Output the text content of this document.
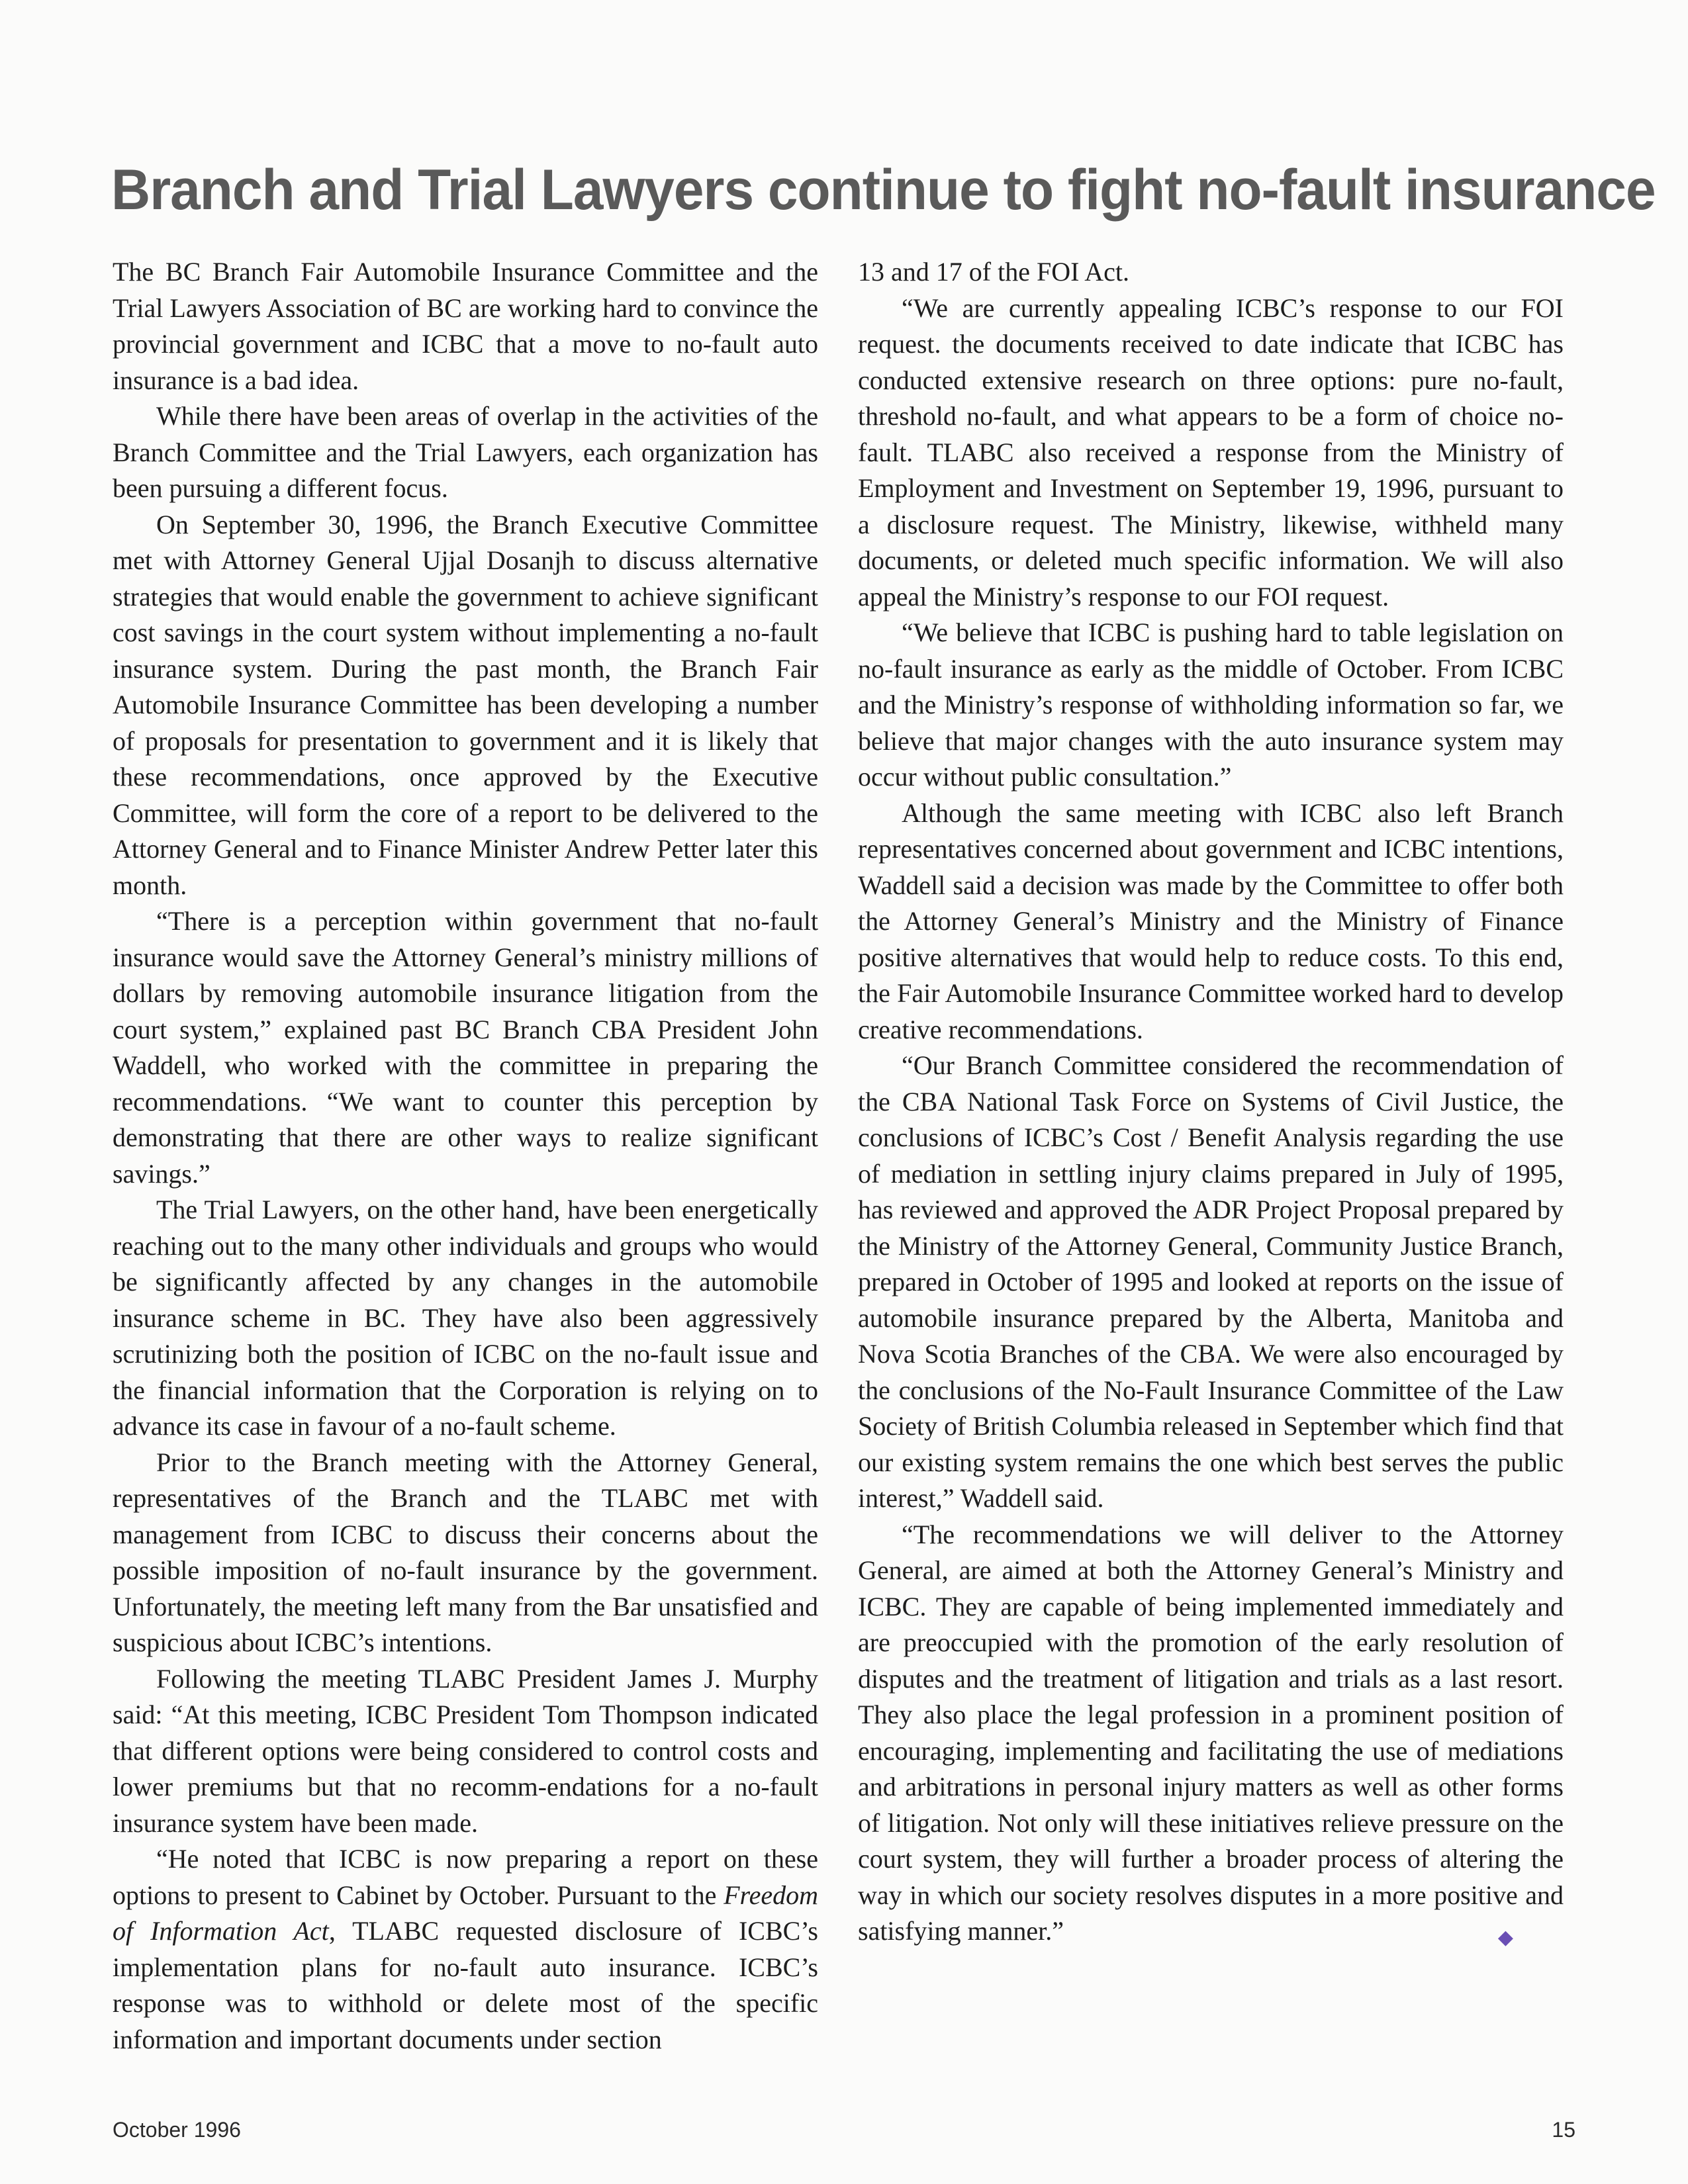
Branch and Trial Lawyers continue to fight no-fault insurance

The BC Branch Fair Automobile Insurance Committee and the Trial Lawyers Association of BC are working hard to convince the provincial government and ICBC that a move to no-fault auto insurance is a bad idea.

While there have been areas of overlap in the activities of the Branch Committee and the Trial Lawyers, each organization has been pursuing a different focus.

On September 30, 1996, the Branch Executive Committee met with Attorney General Ujjal Dosanjh to discuss alternative strategies that would enable the government to achieve significant cost savings in the court system without implementing a no-fault insurance system. During the past month, the Branch Fair Automobile Insurance Committee has been developing a number of proposals for presentation to government and it is likely that these recommendations, once approved by the Executive Committee, will form the core of a report to be delivered to the Attorney General and to Finance Minister Andrew Petter later this month.

“There is a perception within government that no-fault insurance would save the Attorney General’s ministry millions of dollars by removing automobile insurance litigation from the court system,” explained past BC Branch CBA President John Waddell, who worked with the committee in preparing the recommendations. “We want to counter this perception by demonstrating that there are other ways to realize significant savings.”

The Trial Lawyers, on the other hand, have been energetically reaching out to the many other individuals and groups who would be significantly affected by any changes in the automobile insurance scheme in BC. They have also been aggressively scrutinizing both the position of ICBC on the no-fault issue and the financial information that the Corporation is relying on to advance its case in favour of a no-fault scheme.

Prior to the Branch meeting with the Attorney General, representatives of the Branch and the TLABC met with management from ICBC to discuss their concerns about the possible imposition of no-fault insurance by the government. Unfortunately, the meeting left many from the Bar unsatisfied and suspicious about ICBC’s intentions.

Following the meeting TLABC President James J. Murphy said: “At this meeting, ICBC President Tom Thompson indicated that different options were being considered to control costs and lower premiums but that no recomm-endations for a no-fault insurance system have been made.

“He noted that ICBC is now preparing a report on these options to present to Cabinet by October. Pursuant to the Freedom of Information Act, TLABC requested disclosure of ICBC’s implementation plans for no-fault auto insurance. ICBC’s response was to withhold or delete most of the specific information and important documents under section

13 and 17 of the FOI Act.

“We are currently appealing ICBC’s response to our FOI request. the documents received to date indicate that ICBC has conducted extensive research on three options: pure no-fault, threshold no-fault, and what appears to be a form of choice no-fault. TLABC also received a response from the Ministry of Employment and Investment on September 19, 1996, pursuant to a disclosure request. The Ministry, likewise, withheld many documents, or deleted much specific information. We will also appeal the Ministry’s response to our FOI request.

“We believe that ICBC is pushing hard to table legislation on no-fault insurance as early as the middle of October. From ICBC and the Ministry’s response of withholding information so far, we believe that major changes with the auto insurance system may occur without public consultation.”

Although the same meeting with ICBC also left Branch representatives concerned about government and ICBC intentions, Waddell said a decision was made by the Committee to offer both the Attorney General’s Ministry and the Ministry of Finance positive alternatives that would help to reduce costs. To this end, the Fair Automobile Insurance Committee worked hard to develop creative recommendations.

“Our Branch Committee considered the recommendation of the CBA National Task Force on Systems of Civil Justice, the conclusions of ICBC’s Cost / Benefit Analysis regarding the use of mediation in settling injury claims prepared in July of 1995, has reviewed and approved the ADR Project Proposal prepared by the Ministry of the Attorney General, Community Justice Branch, prepared in October of 1995 and looked at reports on the issue of automobile insurance prepared by the Alberta, Manitoba and Nova Scotia Branches of the CBA. We were also encouraged by the conclusions of the No-Fault Insurance Committee of the Law Society of British Columbia released in September which find that our existing system remains the one which best serves the public interest,” Waddell said.

“The recommendations we will deliver to the Attorney General, are aimed at both the Attorney General’s Ministry and ICBC. They are capable of being implemented immediately and are preoccupied with the promotion of the early resolution of disputes and the treatment of litigation and trials as a last resort. They also place the legal profession in a prominent position of encouraging, implementing and facilitating the use of mediations and arbitrations in personal injury matters as well as other forms of litigation. Not only will these initiatives relieve pressure on the court system, they will further a broader process of altering the way in which our society resolves disputes in a more positive and satisfying manner.”	◆

October 1996	15
